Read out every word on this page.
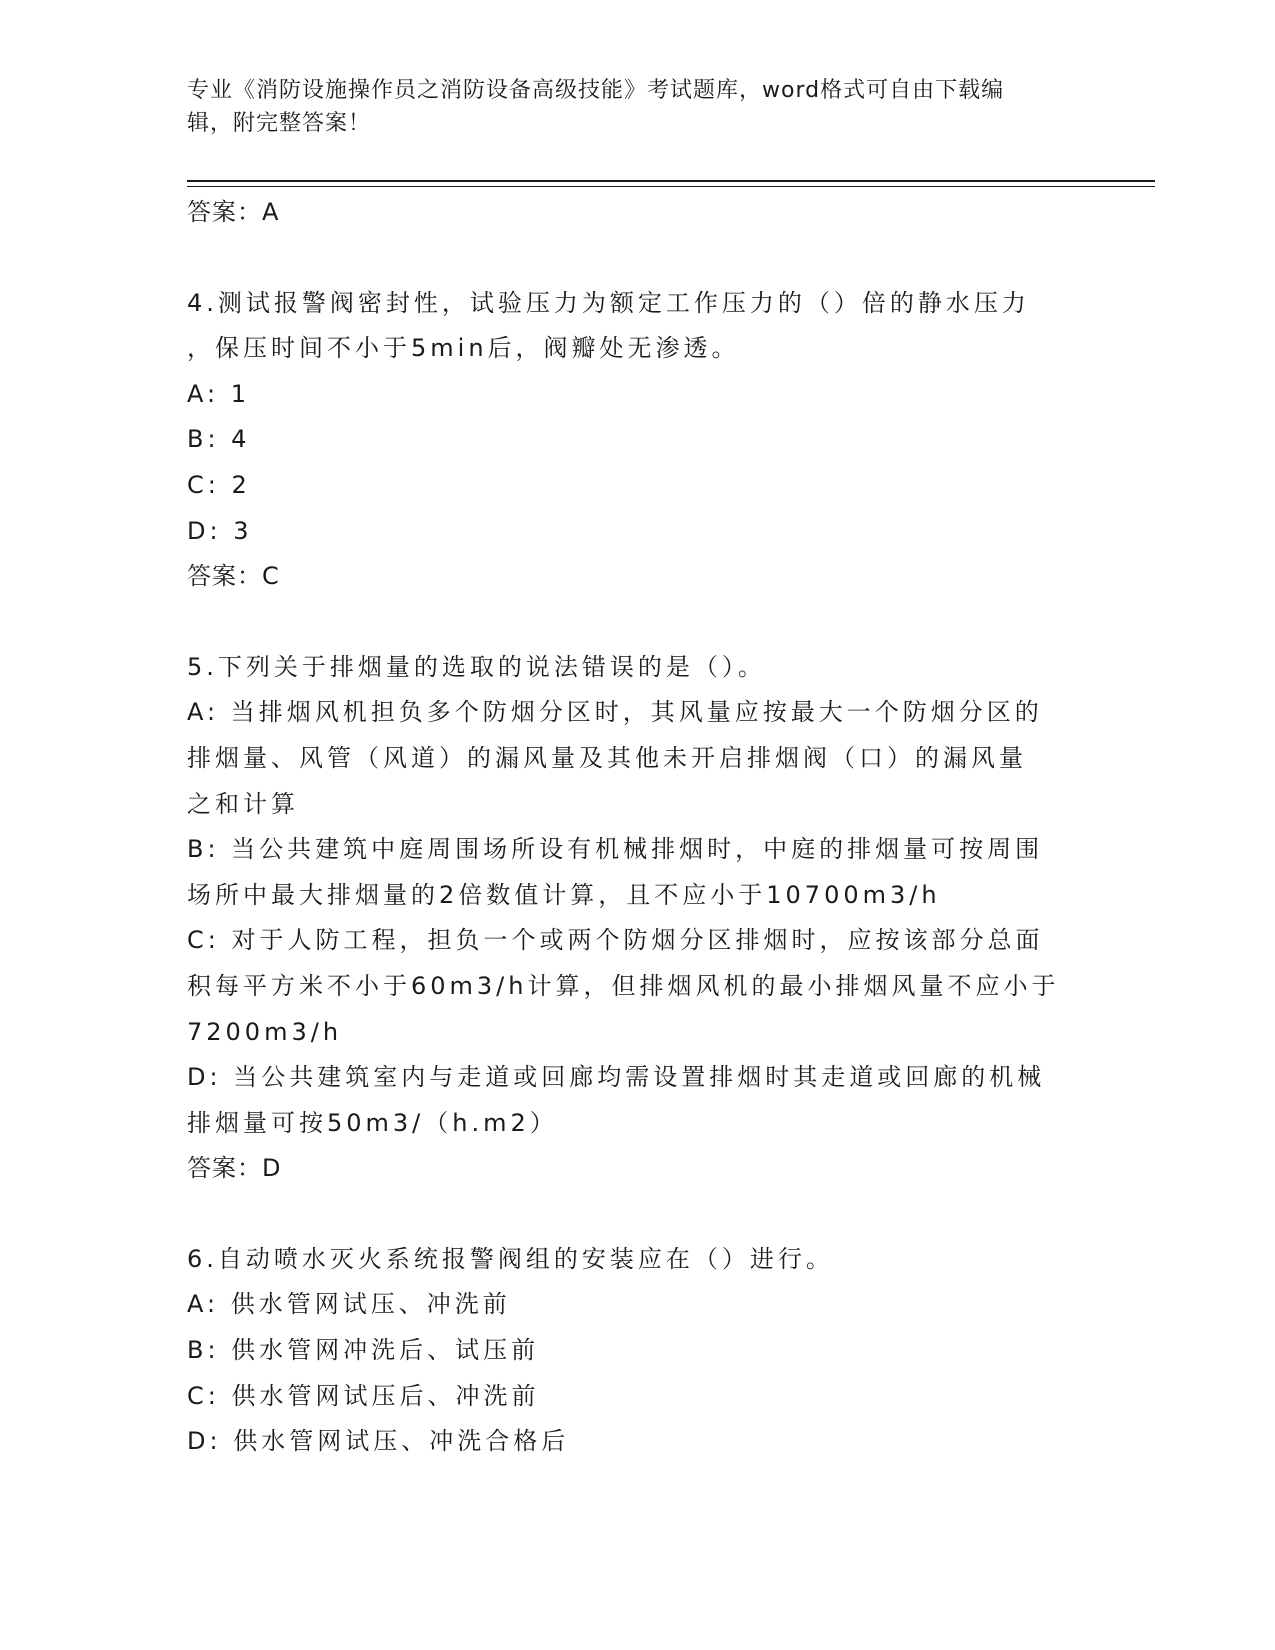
专业《消防设施操作员之消防设备高级技能》考试题库，word格式可自由下载编
辑，附完整答案！
答案：A
4.测试报警阀密封性，试验压力为额定工作压力的（）倍的静水压力
，保压时间不小于5min后，阀瓣处无渗透。
A: 1
B: 4
C: 2
D: 3
答案：C
5.下列关于排烟量的选取的说法错误的是（）。
A: 当排烟风机担负多个防烟分区时，其风量应按最大一个防烟分区的
排烟量、风管（风道）的漏风量及其他未开启排烟阀（口）的漏风量
之和计算
B: 当公共建筑中庭周围场所设有机械排烟时，中庭的排烟量可按周围
场所中最大排烟量的2倍数值计算，且不应小于10700m3/h
C: 对于人防工程，担负一个或两个防烟分区排烟时，应按该部分总面
积每平方米不小于60m3/h计算，但排烟风机的最小排烟风量不应小于
7200m3/h
D: 当公共建筑室内与走道或回廊均需设置排烟时其走道或回廊的机械
排烟量可按50m3/（h.m2）
答案：D
6.自动喷水灭火系统报警阀组的安装应在（）进行。
A: 供水管网试压、冲洗前
B: 供水管网冲洗后、试压前
C: 供水管网试压后、冲洗前
D: 供水管网试压、冲洗合格后
